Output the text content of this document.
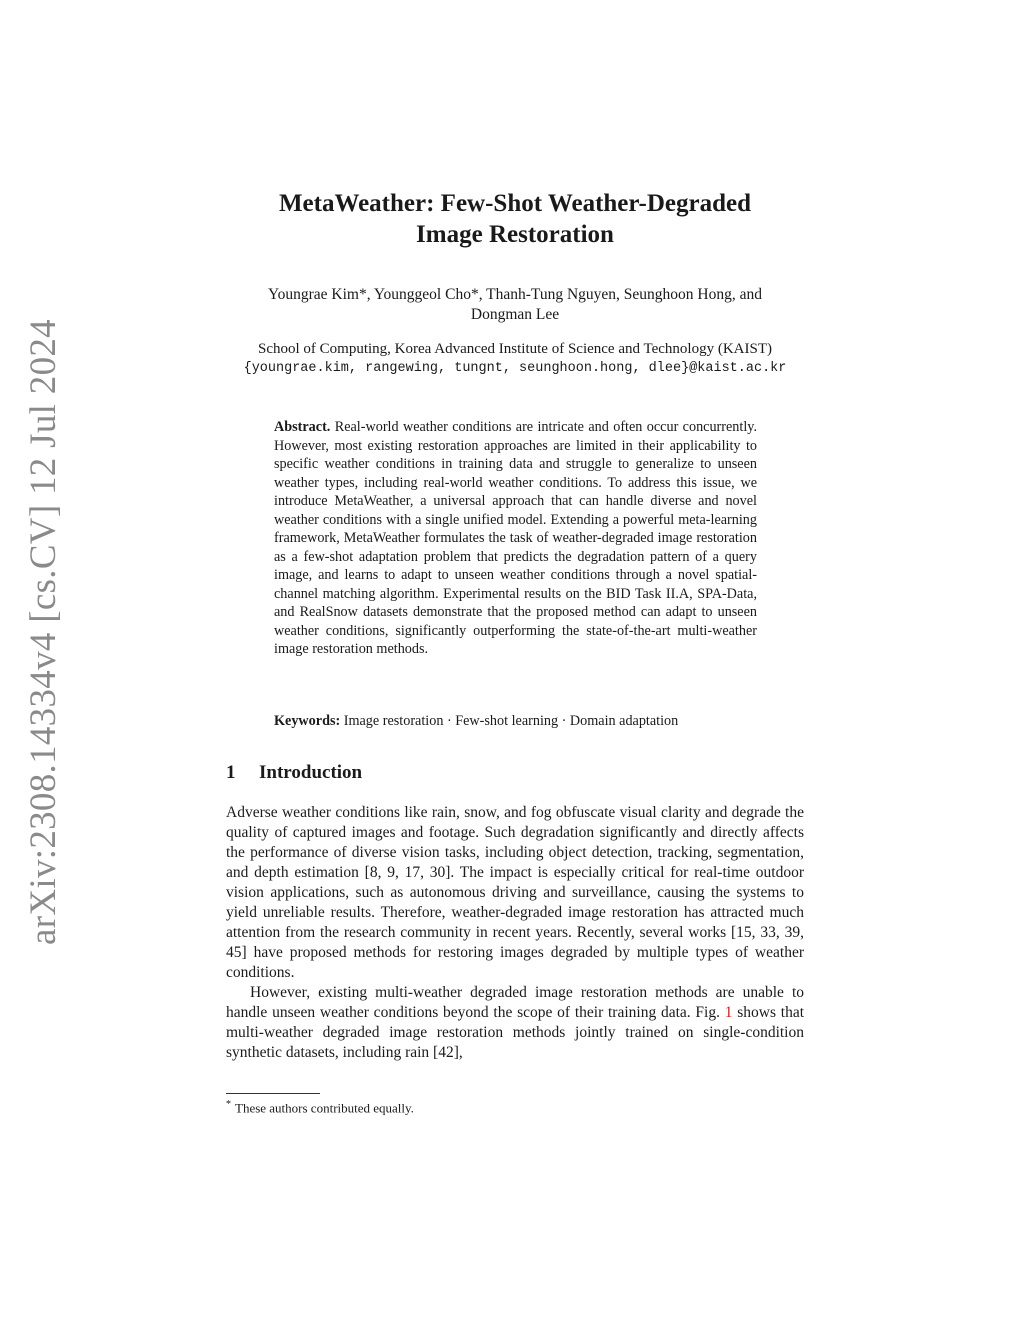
arXiv:2308.14334v4 [cs.CV] 12 Jul 2024
MetaWeather: Few-Shot Weather-Degraded
Image Restoration
Youngrae Kim*, Younggeol Cho*, Thanh-Tung Nguyen, Seunghoon Hong, and
Dongman Lee
School of Computing, Korea Advanced Institute of Science and Technology (KAIST)
{youngrae.kim, rangewing, tungnt, seunghoon.hong, dlee}@kaist.ac.kr
Abstract. Real-world weather conditions are intricate and often occur concurrently. However, most existing restoration approaches are limited in their applicability to specific weather conditions in training data and struggle to generalize to unseen weather types, including real-world weather conditions. To address this issue, we introduce MetaWeather, a universal approach that can handle diverse and novel weather conditions with a single unified model. Extending a powerful meta-learning framework, MetaWeather formulates the task of weather-degraded image restoration as a few-shot adaptation problem that predicts the degradation pattern of a query image, and learns to adapt to unseen weather conditions through a novel spatial-channel matching algorithm. Experimental results on the BID Task II.A, SPA-Data, and RealSnow datasets demonstrate that the proposed method can adapt to unseen weather conditions, significantly outperforming the state-of-the-art multi-weather image restoration methods.
Keywords: Image restoration · Few-shot learning · Domain adaptation
1 Introduction

Adverse weather conditions like rain, snow, and fog obfuscate visual clarity and degrade the quality of captured images and footage. Such degradation significantly and directly affects the performance of diverse vision tasks, including object detection, tracking, segmentation, and depth estimation [8, 9, 17, 30]. The impact is especially critical for real-time outdoor vision applications, such as autonomous driving and surveillance, causing the systems to yield unreliable results. Therefore, weather-degraded image restoration has attracted much attention from the research community in recent years. Recently, several works [15, 33, 39, 45] have proposed methods for restoring images degraded by multiple types of weather conditions.

However, existing multi-weather degraded image restoration methods are unable to handle unseen weather conditions beyond the scope of their training data. Fig. 1 shows that multi-weather degraded image restoration methods jointly trained on single-condition synthetic datasets, including rain [42],

* These authors contributed equally.
